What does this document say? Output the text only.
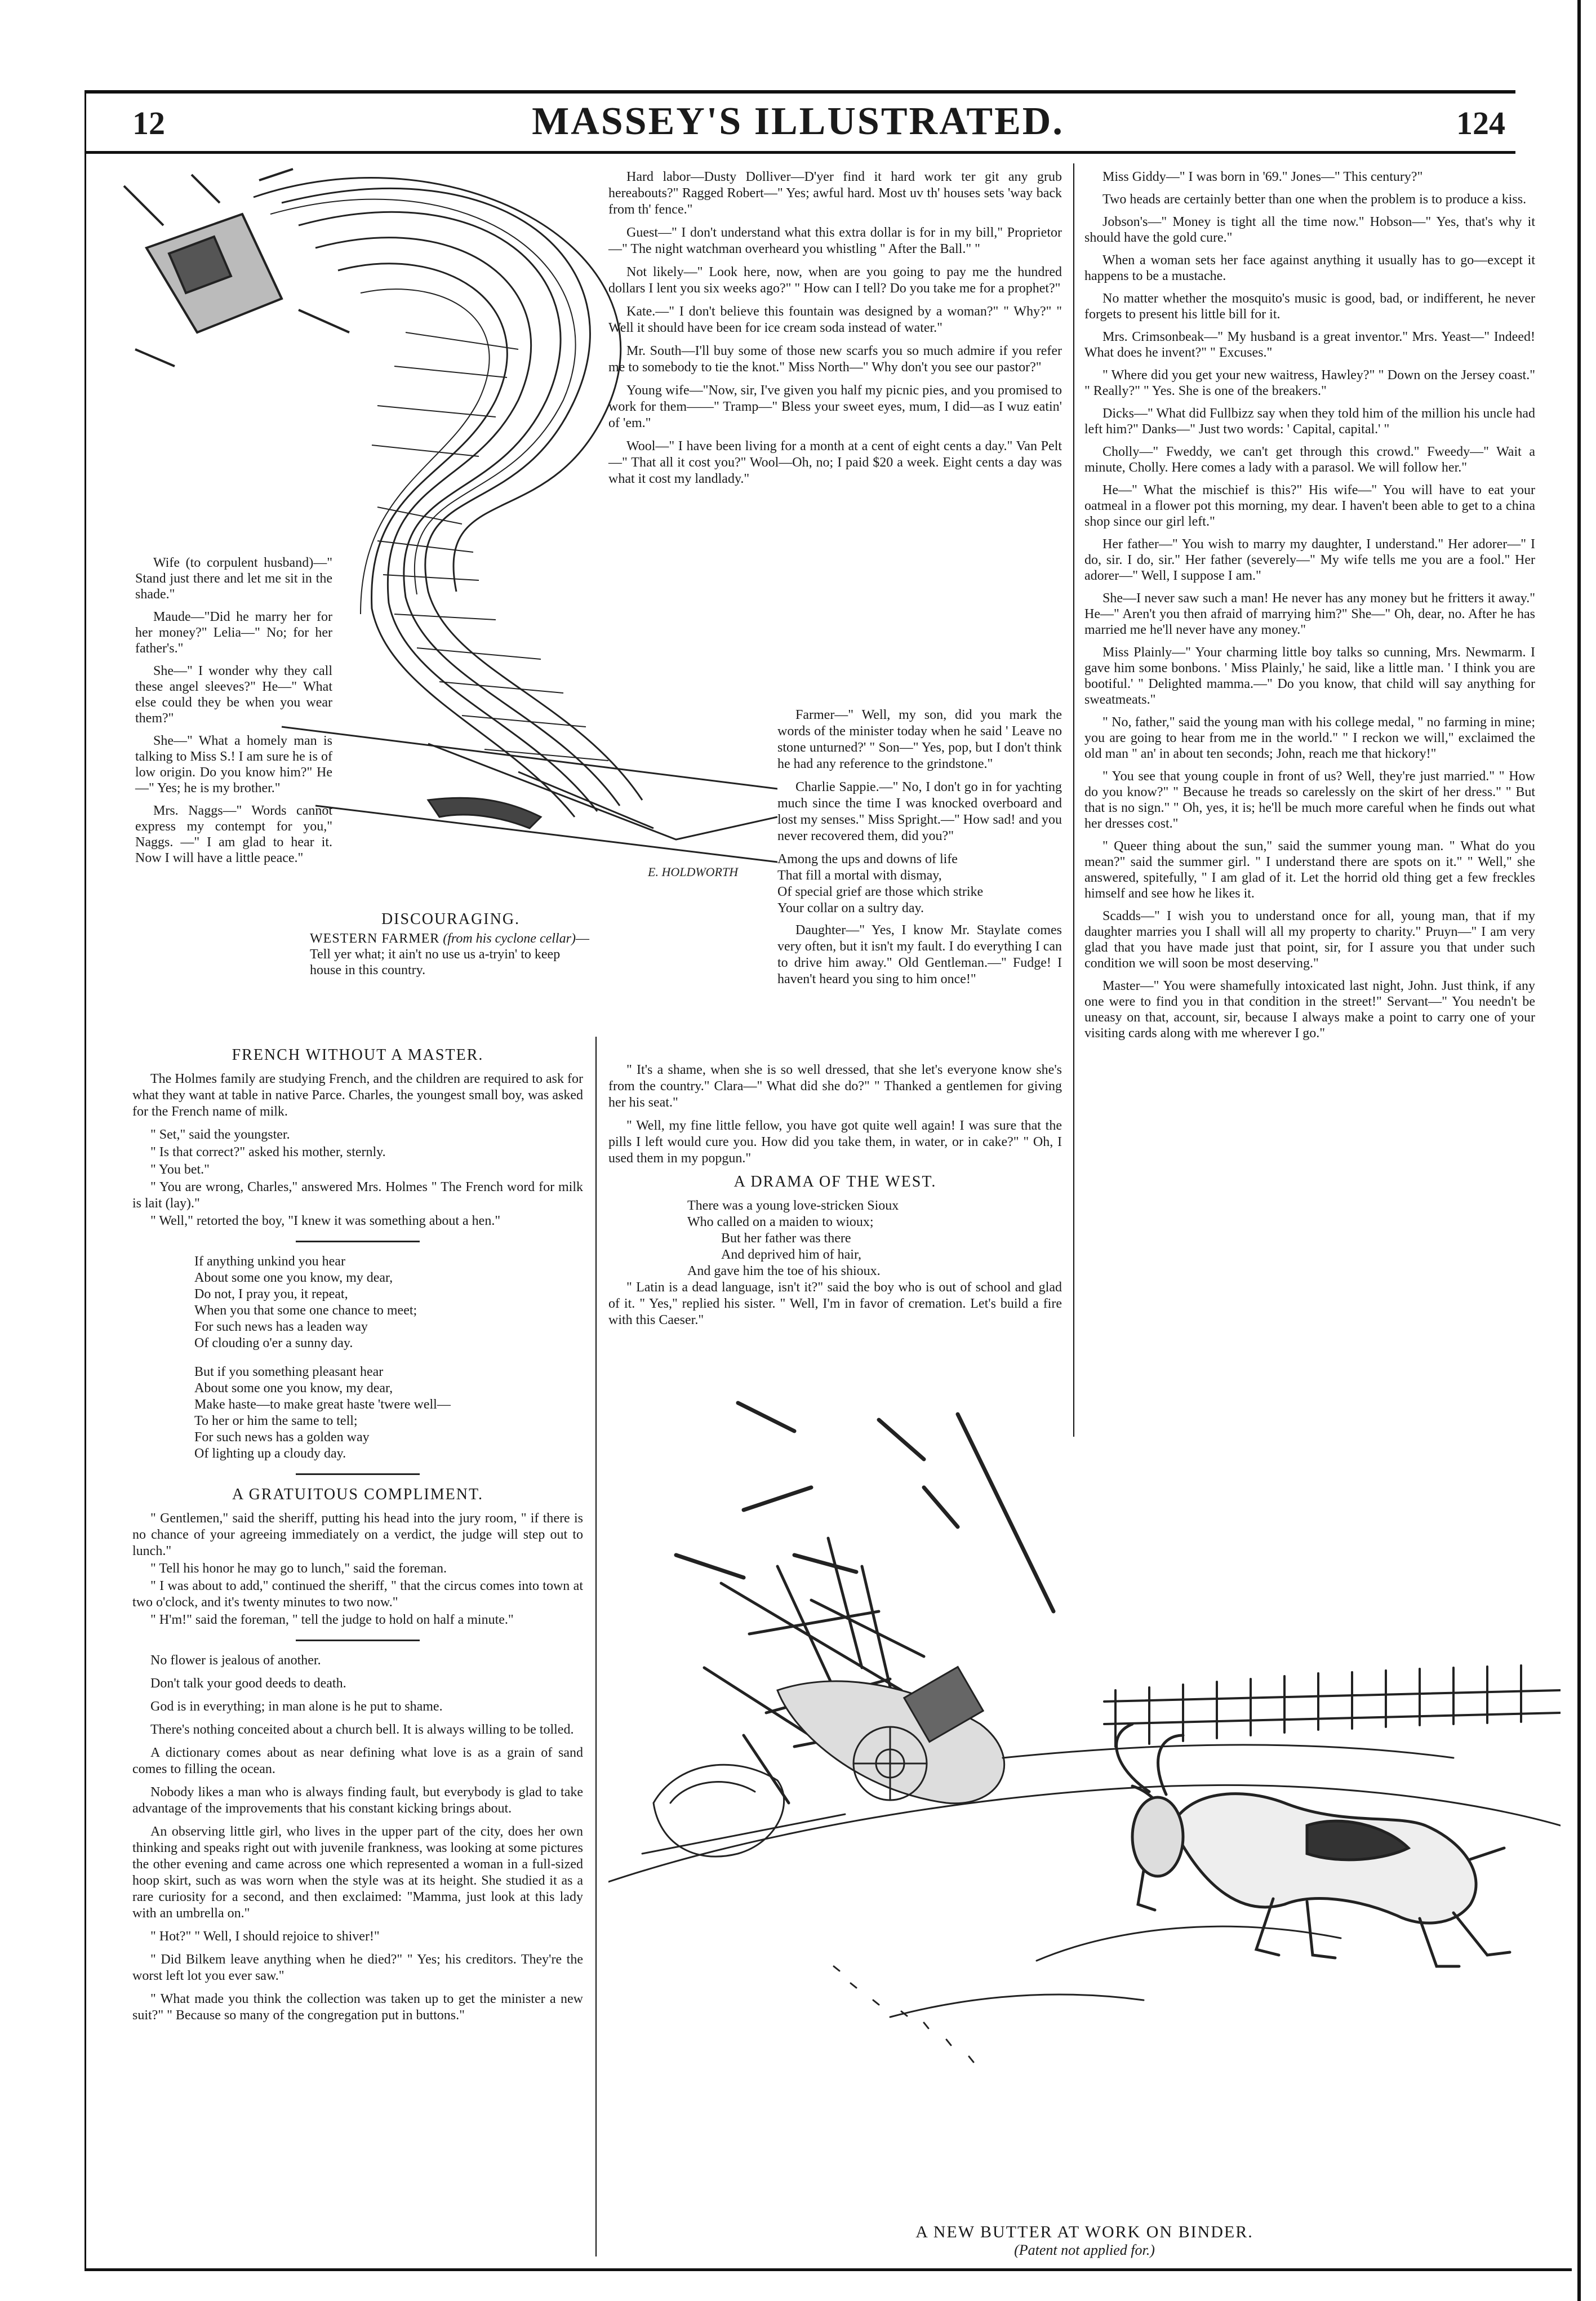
12	MASSEY'S ILLUSTRATED.	124
E. HOLDWORTH
DISCOURAGING.
WESTERN FARMER (from his cyclone cellar)—Tell yer what; it ain't no use us a-tryin' to keep house in this country.

Wife (to corpulent husband)—" Stand just there and let me sit in the shade."

Maude—"Did he marry her for her money?" Lelia—" No; for her father's."

She—" I wonder why they call these angel sleeves?" He—" What else could they be when you wear them?"

She—" What a homely man is talking to Miss S.! I am sure he is of low origin. Do you know him?" He—" Yes; he is my brother."

Mrs. Naggs—" Words cannot express my contempt for you," Naggs. —" I am glad to hear it. Now I will have a little peace."

FRENCH WITHOUT A MASTER.

The Holmes family are studying French, and the children are required to ask for what they want at table in native Parce. Charles, the youngest small boy, was asked for the French name of milk.

" Set," said the youngster.

" Is that correct?" asked his mother, sternly.

" You bet."

" You are wrong, Charles," answered Mrs. Holmes " The French word for milk is lait (lay)."

" Well," retorted the boy, "I knew it was something about a hen."

If anything unkind you hear
About some one you know, my dear,
Do not, I pray you, it repeat,
When you that some one chance to meet;
For such news has a leaden way
Of clouding o'er a sunny day.
But if you something pleasant hear
About some one you know, my dear,
Make haste—to make great haste 'twere well—
To her or him the same to tell;
For such news has a golden way
Of lighting up a cloudy day.
A GRATUITOUS COMPLIMENT.

" Gentlemen," said the sheriff, putting his head into the jury room, " if there is no chance of your agreeing immediately on a verdict, the judge will step out to lunch."

" Tell his honor he may go to lunch," said the foreman.

" I was about to add," continued the sheriff, " that the circus comes into town at two o'clock, and it's twenty minutes to two now."

" H'm!" said the foreman, " tell the judge to hold on half a minute."

No flower is jealous of another.

Don't talk your good deeds to death.

God is in everything; in man alone is he put to shame.

There's nothing conceited about a church bell. It is always willing to be tolled.

A dictionary comes about as near defining what love is as a grain of sand comes to filling the ocean.

Nobody likes a man who is always finding fault, but everybody is glad to take advantage of the improvements that his constant kicking brings about.

An observing little girl, who lives in the upper part of the city, does her own thinking and speaks right out with juvenile frankness, was looking at some pictures the other evening and came across one which represented a woman in a full-sized hoop skirt, such as was worn when the style was at its height. She studied it as a rare curiosity for a second, and then exclaimed: "Mamma, just look at this lady with an umbrella on."

" Hot?" " Well, I should rejoice to shiver!"

" Did Bilkem leave anything when he died?" " Yes; his creditors. They're the worst left lot you ever saw."

" What made you think the collection was taken up to get the minister a new suit?" " Because so many of the congregation put in buttons."

Hard labor—Dusty Dolliver—D'yer find it hard work ter git any grub hereabouts?" Ragged Robert—" Yes; awful hard. Most uv th' houses sets 'way back from th' fence."

Guest—" I don't understand what this extra dollar is for in my bill," Proprietor—" The night watchman overheard you whistling " After the Ball." "

Not likely—" Look here, now, when are you going to pay me the hundred dollars I lent you six weeks ago?" " How can I tell? Do you take me for a prophet?"

Kate.—" I don't believe this fountain was designed by a woman?" " Why?" " Well it should have been for ice cream soda instead of water."

Mr. South—I'll buy some of those new scarfs you so much admire if you refer me to somebody to tie the knot." Miss North—" Why don't you see our pastor?"

Young wife—"Now, sir, I've given you half my picnic pies, and you promised to work for them——" Tramp—" Bless your sweet eyes, mum, I did—as I wuz eatin' of 'em."

Wool—" I have been living for a month at a cent of eight cents a day." Van Pelt—" That all it cost you?" Wool—Oh, no; I paid $20 a week. Eight cents a day was what it cost my landlady."

Farmer—" Well, my son, did you mark the words of the minister today when he said ' Leave no stone unturned?' " Son—" Yes, pop, but I don't think he had any reference to the grindstone."

Charlie Sappie.—" No, I don't go in for yachting much since the time I was knocked overboard and lost my senses." Miss Spright.—" How sad! and you never recovered them, did you?"

Among the ups and downs of life
That fill a mortal with dismay,
Of special grief are those which strike
Your collar on a sultry day.

Daughter—" Yes, I know Mr. Staylate comes very often, but it isn't my fault. I do everything I can to drive him away." Old Gentleman.—" Fudge! I haven't heard you sing to him once!"

" It's a shame, when she is so well dressed, that she let's everyone know she's from the country." Clara—" What did she do?" " Thanked a gentlemen for giving her his seat."

" Well, my fine little fellow, you have got quite well again! I was sure that the pills I left would cure you. How did you take them, in water, or in cake?" " Oh, I used them in my popgun."

A DRAMA OF THE WEST.
There was a young love-stricken Sioux
Who called on a maiden to wioux;
But her father was there
And deprived him of hair,
And gave him the toe of his shioux.

" Latin is a dead language, isn't it?" said the boy who is out of school and glad of it. " Yes," replied his sister. " Well, I'm in favor of cremation. Let's build a fire with this Caeser."

Miss Giddy—" I was born in '69." Jones—" This century?"

Two heads are certainly better than one when the problem is to produce a kiss.

Jobson's—" Money is tight all the time now." Hobson—" Yes, that's why it should have the gold cure."

When a woman sets her face against anything it usually has to go—except it happens to be a mustache.

No matter whether the mosquito's music is good, bad, or indifferent, he never forgets to present his little bill for it.

Mrs. Crimsonbeak—" My husband is a great inventor." Mrs. Yeast—" Indeed! What does he invent?" " Excuses."

" Where did you get your new waitress, Hawley?" " Down on the Jersey coast." " Really?" " Yes. She is one of the breakers."

Dicks—" What did Fullbizz say when they told him of the million his uncle had left him?" Danks—" Just two words: ' Capital, capital.' "

Cholly—" Fweddy, we can't get through this crowd." Fweedy—" Wait a minute, Cholly. Here comes a lady with a parasol. We will follow her."

He—" What the mischief is this?" His wife—" You will have to eat your oatmeal in a flower pot this morning, my dear. I haven't been able to get to a china shop since our girl left."

Her father—" You wish to marry my daughter, I understand." Her adorer—" I do, sir. I do, sir." Her father (severely—" My wife tells me you are a fool." Her adorer—" Well, I suppose I am."

She—I never saw such a man! He never has any money but he fritters it away." He—" Aren't you then afraid of marrying him?" She—" Oh, dear, no. After he has married me he'll never have any money."

Miss Plainly—" Your charming little boy talks so cunning, Mrs. Newmarm. I gave him some bonbons. ' Miss Plainly,' he said, like a little man. ' I think you are bootiful.' " Delighted mamma.—" Do you know, that child will say anything for sweatmeats."

" No, father," said the young man with his college medal, " no farming in mine; you are going to hear from me in the world." " I reckon we will," exclaimed the old man " an' in about ten seconds; John, reach me that hickory!"

" You see that young couple in front of us? Well, they're just married." " How do you know?" " Because he treads so carelessly on the skirt of her dress." " But that is no sign." " Oh, yes, it is; he'll be much more careful when he finds out what her dresses cost."

" Queer thing about the sun," said the summer young man. " What do you mean?" said the summer girl. " I understand there are spots on it." " Well," she answered, spitefully, " I am glad of it. Let the horrid old thing get a few freckles himself and see how he likes it.

Scadds—" I wish you to understand once for all, young man, that if my daughter marries you I shall will all my property to charity." Pruyn—" I am very glad that you have made just that point, sir, for I assure you that under such condition we will soon be most deserving."

Master—" You were shamefully intoxicated last night, John. Just think, if any one were to find you in that condition in the street!" Servant—" You needn't be uneasy on that, account, sir, because I always make a point to carry one of your visiting cards along with me wherever I go."

A NEW BUTTER AT WORK ON BINDER.
(Patent not applied for.)
